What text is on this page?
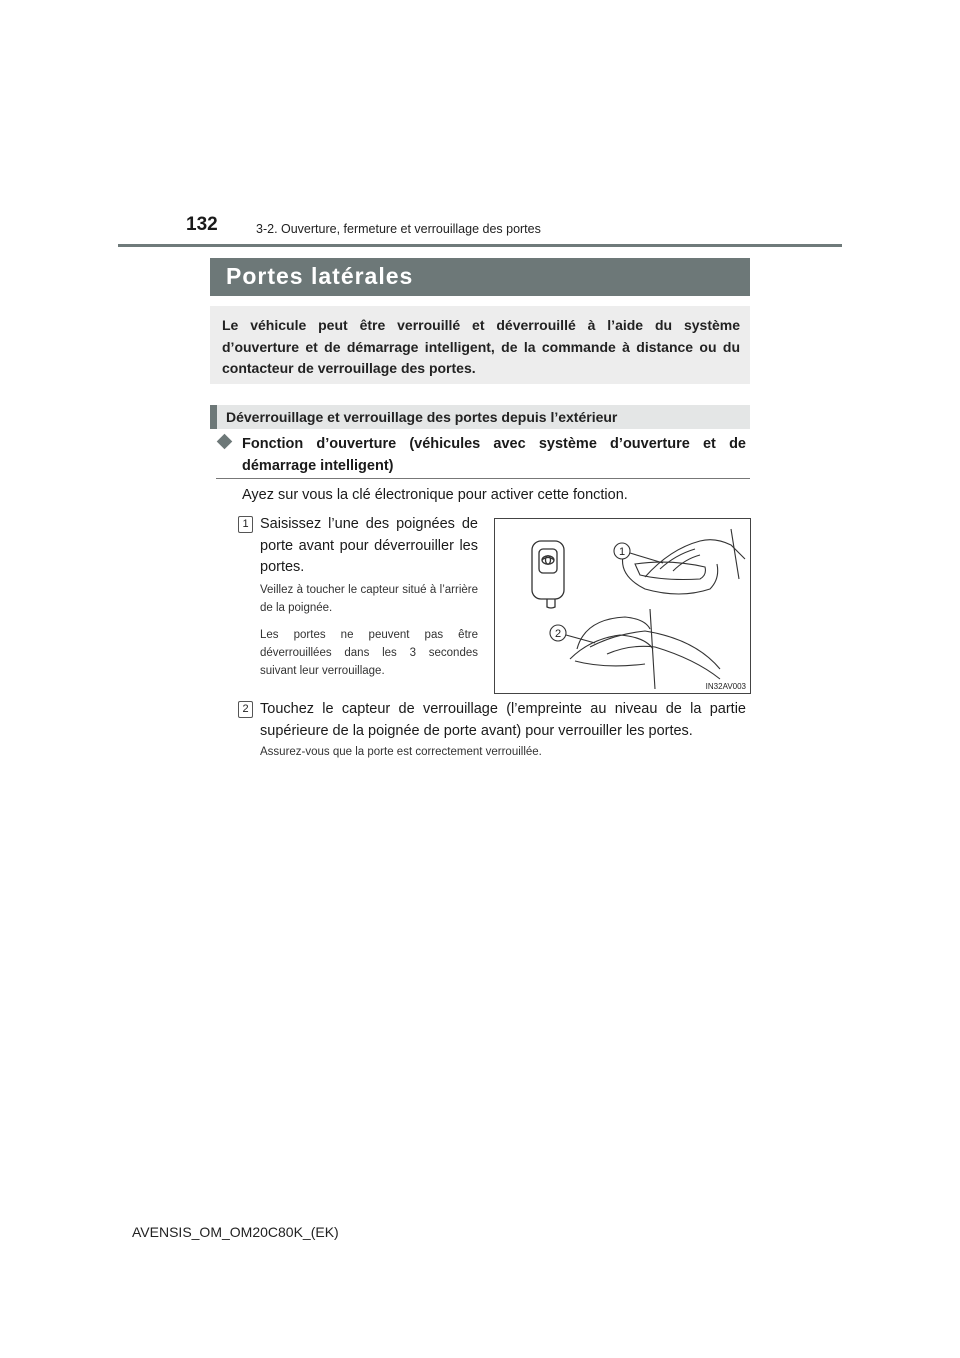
132	3-2. Ouverture, fermeture et verrouillage des portes
Portes latérales
Le véhicule peut être verrouillé et déverrouillé à l’aide du système d’ouverture et de démarrage intelligent, de la commande à distance ou du contacteur de verrouillage des portes.
Déverrouillage et verrouillage des portes depuis l’extérieur
Fonction d’ouverture (véhicules avec système d’ouverture et de démarrage intelligent)
Ayez sur vous la clé électronique pour activer cette fonction.
1 Saisissez l’une des poignées de porte avant pour déverrouiller les portes.
Veillez à toucher le capteur situé à l’arrière de la poignée.
Les portes ne peuvent pas être déverrouillées dans les 3 secondes suivant leur verrouillage.
1
2
IN32AV003
2 Touchez le capteur de verrouillage (l’empreinte au niveau de la partie supérieure de la poignée de porte avant) pour verrouiller les portes.
Assurez-vous que la porte est correctement verrouillée.
AVENSIS_OM_OM20C80K_(EK)
